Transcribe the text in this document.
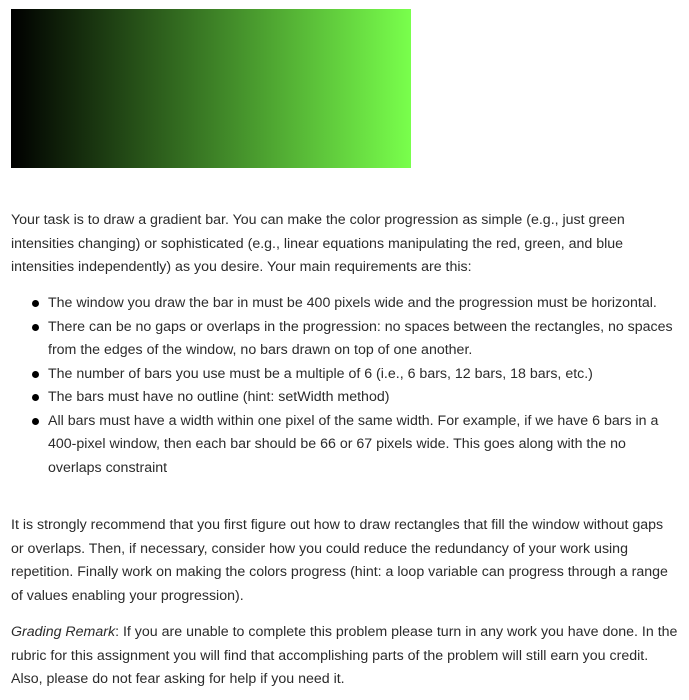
Your task is to draw a gradient bar. You can make the color progression as simple (e.g., just green intensities changing) or sophisticated (e.g., linear equations manipulating the red, green, and blue intensities independently) as you desire. Your main requirements are this:

The window you draw the bar in must be 400 pixels wide and the progression must be horizontal.
There can be no gaps or overlaps in the progression: no spaces between the rectangles, no spaces from the edges of the window, no bars drawn on top of one another.
The number of bars you use must be a multiple of 6 (i.e., 6 bars, 12 bars, 18 bars, etc.)
The bars must have no outline (hint: setWidth method)
All bars must have a width within one pixel of the same width. For example, if we have 6 bars in a 400-pixel window, then each bar should be 66 or 67 pixels wide. This goes along with the no overlaps constraint

It is strongly recommend that you first figure out how to draw rectangles that fill the window without gaps or overlaps. Then, if necessary, consider how you could reduce the redundancy of your work using repetition. Finally work on making the colors progress (hint: a loop variable can progress through a range of values enabling your progression).

Grading Remark: If you are unable to complete this problem please turn in any work you have done. In the rubric for this assignment you will find that accomplishing parts of the problem will still earn you credit. Also, please do not fear asking for help if you need it.
